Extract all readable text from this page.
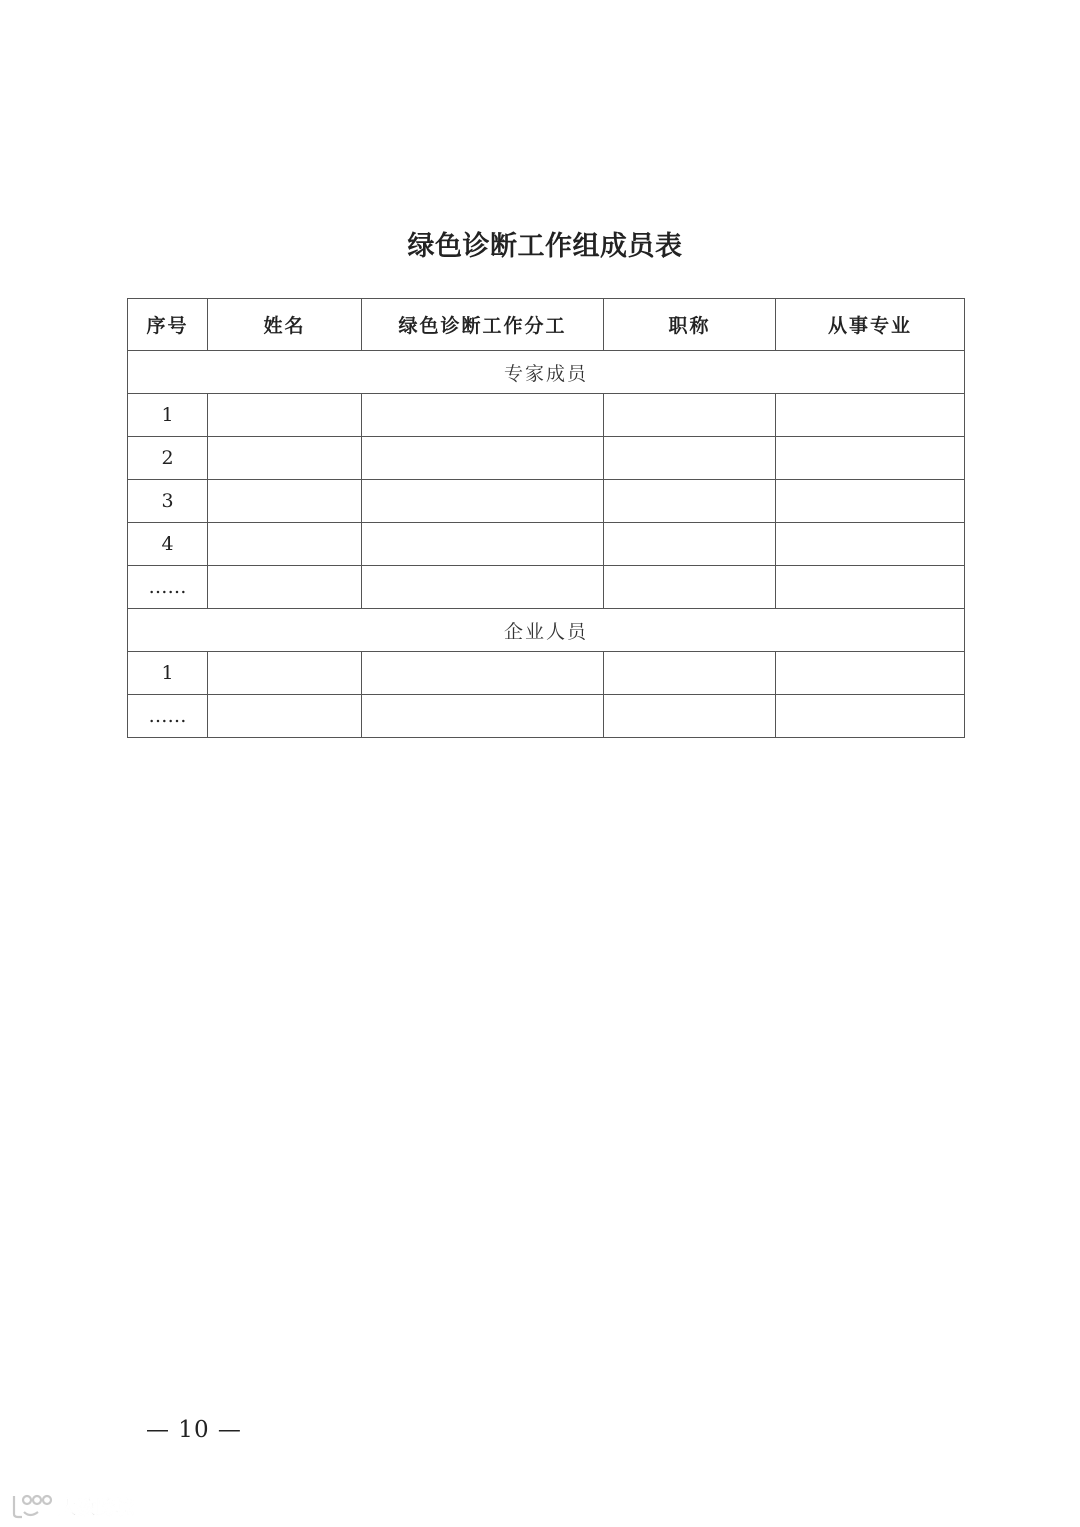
绿色诊断工作组成员表
序号	姓名	绿色诊断工作分工	职称	从事专业
专家成员				
1				
2				
3				
4				
……				
企业人员				
1				
……				
— 10 —
大数跨境
